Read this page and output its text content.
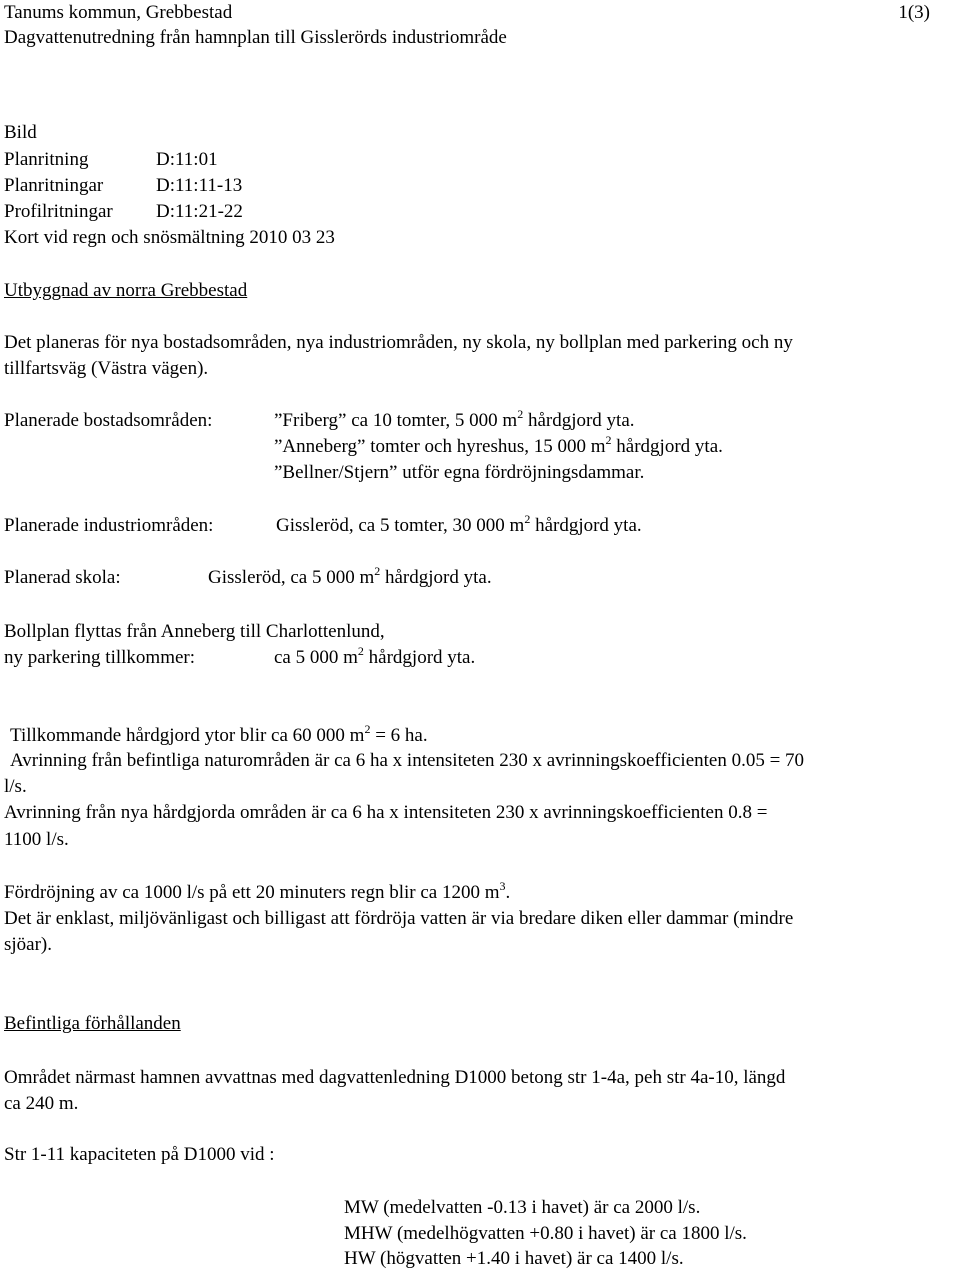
Tanums kommun, Grebbestad	1(3)
Dagvattenutredning från hamnplan till Gisslerörds industriområde
Bild
Planritning	D:11:01
Planritningar	D:11:11-13
Profilritningar D:11:21-22
Kort vid regn och snösmältning 2010 03 23
Utbyggnad av norra Grebbestad
Det planeras för nya bostadsområden, nya industriområden, ny skola, ny bollplan med parkering och ny
tillfartsväg (Västra vägen).
Planerade bostadsområden:	”Friberg” ca 10 tomter, 5 000 $m^2$ hårdgjord yta.
”Anneberg” tomter och hyreshus, 15 000 $m^2$ hårdgjord yta.
”Bellner/Stjern” utför egna fördröjningsdammar.
Planerade industriområden:	Gissleröd, ca 5 tomter, 30 000 $m^2$ hårdgjord yta.
Planerad skola:	Gissleröd, ca 5 000 $m^2$ hårdgjord yta.
Bollplan flyttas från Anneberg till Charlottenlund,
ny parkering tillkommer:	ca 5 000 $m^2$ hårdgjord yta.
Tillkommande hårdgjord ytor blir ca 60 000 $m^2 = 6$ ha.
Avrinning från befintliga naturområden är ca 6 ha x intensiteten 230 x avrinningskoefficienten 0.05 = 70
l/s.
Avrinning från nya hårdgjorda områden är ca 6 ha x intensiteten 230 x avrinningskoefficienten 0.8 =
1100 l/s.
Fördröjning av ca 1000 l/s på ett 20 minuters regn blir ca 1200 $m^3$.
Det är enklast, miljövänligast och billigast att fördröja vatten är via bredare diken eller dammar (mindre
sjöar).
Befintliga förhållanden
Området närmast hamnen avvattnas med dagvattenledning D1000 betong str 1-4a, peh str 4a-10, längd
ca 240 m.
Str 1-11 kapaciteten på D1000 vid :
MW (medelvatten -0.13 i havet) är ca 2000 l/s.
MHW (medelhögvatten +0.80 i havet) är ca 1800 l/s.
HW (högvatten +1.40 i havet) är ca 1400 l/s.
